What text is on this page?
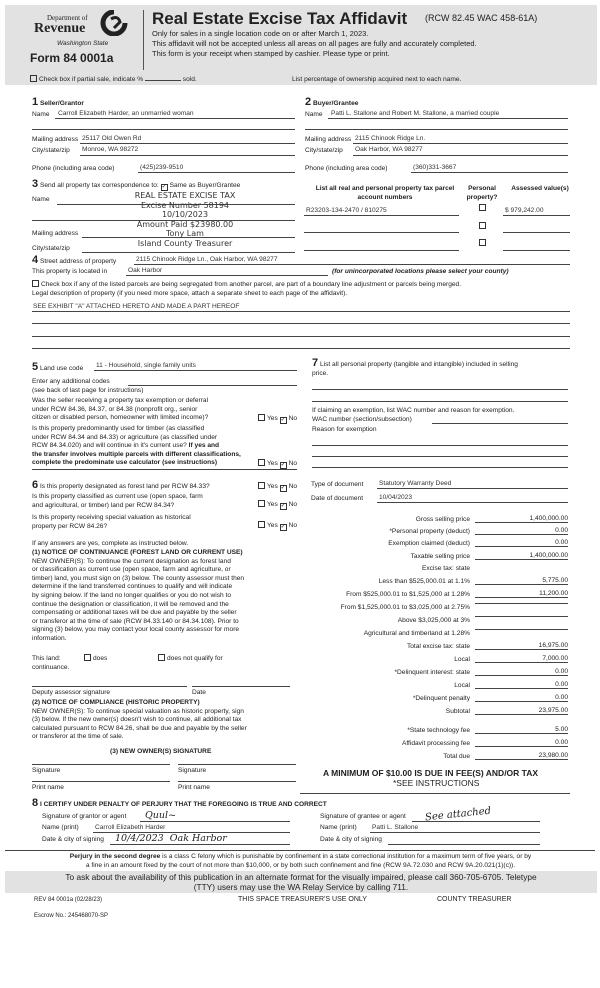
Department of
Revenue
Washington State
Form 84 0001a
Real Estate Excise Tax Affidavit (RCW 82.45 WAC 458-61A)
Only for sales in a single location code on or after March 1, 2023.
This affidavit will not be accepted unless all areas on all pages are fully and accurately completed.
This form is your receipt when stamped by cashier. Please type or print.
Check box if partial sale, indicate %	sold.	List percentage of ownership acquired next to each name.
1 Seller/Grantor
Name Carroll Elizabeth Harder, an unmarried woman
Mailing address 25117 Old Owen Rd
City/state/zip Monroe, WA 98272
Phone (including area code)	(425)239-9510
2 Buyer/Grantee
Name Patti L. Stallone and Robert M. Stallone, a married couple
Mailing address 2115 Chinook Ridge Ln.
City/state/zip Oak Harbor, WA 98277
Phone (including area code)	(360)331-3667
3 Send all property tax correspondence to: ✓ Same as Buyer/Grantee
Name
Mailing address
City/state/zip
REAL ESTATE EXCISE TAX
Excise Number 58194
10/10/2023
Amount Paid $23980.00
Tony Lam
Island County Treasurer
List all real and personal property tax parcel account numbers
Personal property?
Assessed value(s)
R23203-134-2470 / 810275	$ 979,242.00
4 Street address of property	2115 Chinook Ridge Ln., Oak Harbor, WA 98277
This property is located in	Oak Harbor	(for unincorporated locations please select your county)
Check box if any of the listed parcels are being segregated from another parcel, are part of a boundary line adjustment or parcels being merged.
Legal description of property (if you need more space, attach a separate sheet to each page of the affidavit).
SEE EXHIBIT "A" ATTACHED HERETO AND MADE A PART HEREOF
5 Land use code 11 - Household, single family units
Enter any additional codes
(see back of last page for instructions)
Was the seller receiving a property tax exemption or deferral
under RCW 84.36, 84.37, or 84.38 (nonprofit org., senior
citizen or disabled person, homeowner with limited income)?	Yes ✓ No
Is this property predominantly used for timber (as classified
under RCW 84.34 and 84.33) or agriculture (as classified under
RCW 84.34.020) and will continue in it's current use? If yes and
the transfer involves multiple parcels with different classifications,
complete the predominate use calculator (see instructions)	Yes ✓ No
6 Is this property designated as forest land per RCW 84.33?	Yes ✓ No
Is this property classified as current use (open space, farm
and agricultural, or timber) land per RCW 84.34?	Yes ✓ No
Is this property receiving special valuation as historical
property per RCW 84.26?	Yes ✓ No
If any answers are yes, complete as instructed below.
(1) NOTICE OF CONTINUANCE (FOREST LAND OR CURRENT USE)
NEW OWNER(S): To continue the current designation as forest land
or classification as current use (open space, farm and agriculture, or
timber) land, you must sign on (3) below. The county assessor must then
determine if the land transferred continues to qualify and will indicate
by signing below. If the land no longer qualifies or you do not wish to
continue the designation or classification, it will be removed and the
compensating or additional taxes will be due and payable by the seller
or transferor at the time of sale (RCW 84.33.140 or 84.34.108). Prior to
signing (3) below, you may contact your local county assessor for more
information.
This land:	does	does not qualify for
continuance.
Deputy assessor signature	Date
(2) NOTICE OF COMPLIANCE (HISTORIC PROPERTY)
NEW OWNER(S): To continue special valuation as historic property, sign
(3) below. If the new owner(s) doesn't wish to continue, all additional tax
calculated pursuant to RCW 84.26, shall be due and payable by the seller
or transferor at the time of sale.
(3) NEW OWNER(S) SIGNATURE
Signature	Signature
Print name	Print name
7 List all personal property (tangible and intangible) included in selling
price.
If claiming an exemption, list WAC number and reason for exemption.
WAC number (section/subsection)
Reason for exemption
Type of document Statutory Warranty Deed
Date of document 10/04/2023
Gross selling price	1,400,000.00
*Personal property (deduct)	0.00
Exemption claimed (deduct)	0.00
Taxable selling price	1,400,000.00
Excise tax: state
Less than $525,000.01 at 1.1%	5,775.00
From $525,000.01 to $1,525,000 at 1.28%	11,200.00
From $1,525,000.01 to $3,025,000 at 2.75%
Above $3,025,000 at 3%
Agricultural and timberland at 1.28%
Total excise tax: state	16,975.00
Local	7,000.00
*Delinquent interest: state	0.00
Local	0.00
*Delinquent penalty	0.00
Subtotal	23,975.00
*State technology fee	5.00
Affidavit processing fee	0.00
Total due	23,980.00
A MINIMUM OF $10.00 IS DUE IN FEE(S) AND/OR TAX
*SEE INSTRUCTIONS
8 I CERTIFY UNDER PENALTY OF PERJURY THAT THE FOREGOING IS TRUE AND CORRECT
Signature of grantor or agent Quul~
Name (print) Carroll Elizabeth Harder
Date & city of signing 10/4/2023  Oak Harbor
Signature of grantee or agent See attached
Name (print) Patti L. Stallone
Date & city of signing
Perjury in the second degree is a class C felony which is punishable by confinement in a state correctional institution for a maximum term of five years, or by
a fine in an amount fixed by the court of not more than $10,000, or by both such confinement and fine (RCW 9A.72.030 and RCW 9A.20.021(1)(c)).
To ask about the availability of this publication in an alternate format for the visually impaired, please call 360-705-6705. Teletype
(TTY) users may use the WA Relay Service by calling 711.
REV 84 0001a (02/28/23)	THIS SPACE TREASURER'S USE ONLY	COUNTY TREASURER
Escrow No.: 245468070-SP
